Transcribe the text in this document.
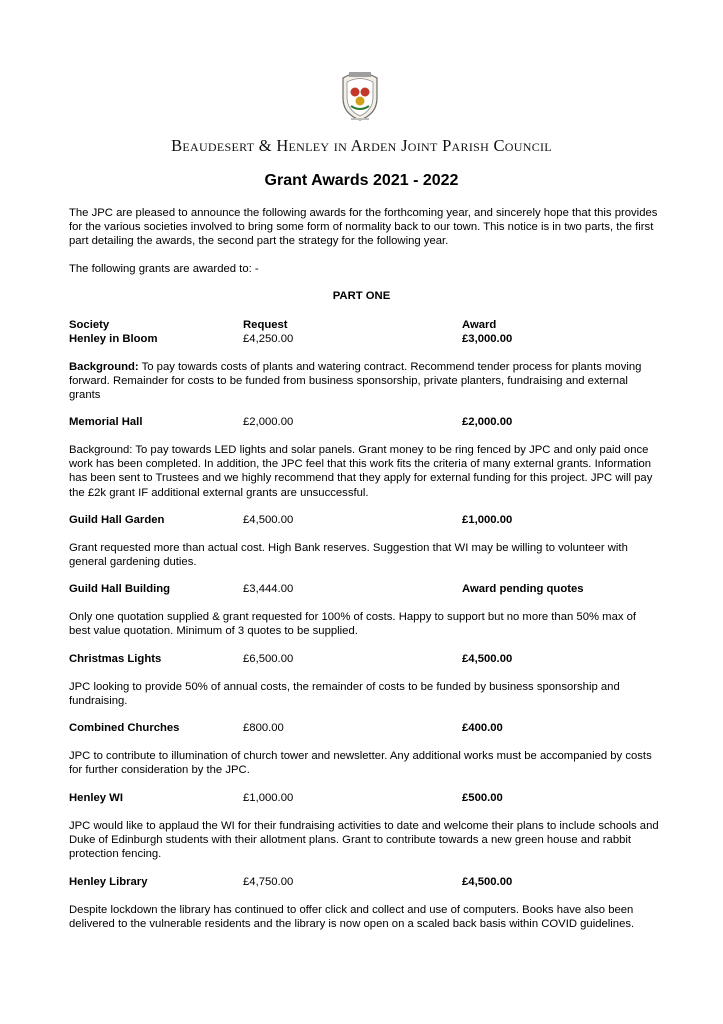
Beaudesert & Henley in Arden Joint Parish Council
Grant Awards 2021 - 2022
The JPC are pleased to announce the following awards for the forthcoming year, and sincerely hope that this provides for the various societies involved to bring some form of normality back to our town. This notice is in two parts, the first part detailing the awards, the second part the strategy for the following year.
The following grants are awarded to: -
PART ONE
Society	Request	Award
Henley in Bloom	£4,250.00	£3,000.00
Background: To pay towards costs of plants and watering contract. Recommend tender process for plants moving forward. Remainder for costs to be funded from business sponsorship, private planters, fundraising and external grants
Memorial Hall	£2,000.00	£2,000.00
Background: To pay towards LED lights and solar panels. Grant money to be ring fenced by JPC and only paid once work has been completed. In addition, the JPC feel that this work fits the criteria of many external grants. Information has been sent to Trustees and we highly recommend that they apply for external funding for this project. JPC will pay the £2k grant IF additional external grants are unsuccessful.
Guild Hall Garden	£4,500.00	£1,000.00
Grant requested more than actual cost. High Bank reserves. Suggestion that WI may be willing to volunteer with general gardening duties.
Guild Hall Building	£3,444.00	Award pending quotes
Only one quotation supplied & grant requested for 100% of costs. Happy to support but no more than 50% max of best value quotation. Minimum of 3 quotes to be supplied.
Christmas Lights	£6,500.00	£4,500.00
JPC looking to provide 50% of annual costs, the remainder of costs to be funded by business sponsorship and fundraising.
Combined Churches	£800.00	£400.00
JPC to contribute to illumination of church tower and newsletter. Any additional works must be accompanied by costs for further consideration by the JPC.
Henley WI	£1,000.00	£500.00
JPC would like to applaud the WI for their fundraising activities to date and welcome their plans to include schools and Duke of Edinburgh students with their allotment plans. Grant to contribute towards a new green house and rabbit protection fencing.
Henley Library	£4,750.00	£4,500.00
Despite lockdown the library has continued to offer click and collect and use of computers. Books have also been delivered to the vulnerable residents and the library is now open on a scaled back basis within COVID guidelines.
